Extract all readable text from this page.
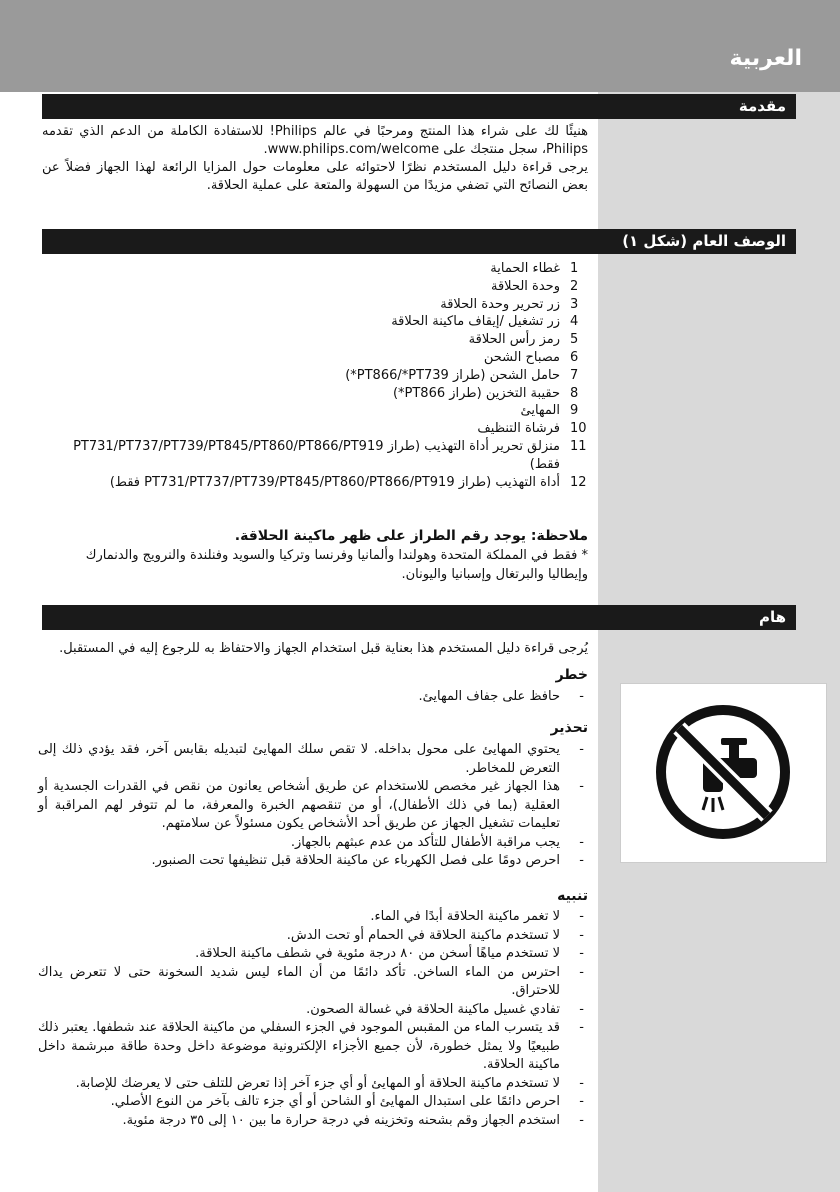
العربية
مقدمة

هنيئًا لك على شراء هذا المنتج ومرحبًا في عالم Philips! للاستفادة الكاملة من الدعم الذي تقدمه Philips، سجل منتجك على www.philips.com/welcome.

يرجى قراءة دليل المستخدم نظرًا لاحتوائه على معلومات حول المزايا الرائعة لهذا الجهاز فضلاً عن بعض النصائح التي تضفي مزيدًا من السهولة والمتعة على عملية الحلاقة.

الوصف العام (شكل ١)
1
غطاء الحماية
2
وحدة الحلاقة
3
زر تحرير وحدة الحلاقة
4
زر تشغيل /إيقاف ماكينة الحلاقة
5
رمز رأس الحلاقة
6
مصباح الشحن
7
حامل الشحن (طراز PT866/*PT739*)
8
حقيبة التخزين (طراز PT866*)
9
المهايئ
10
فرشاة التنظيف
11
منزلق تحرير أداة التهذيب (طراز PT731/PT737/PT739/PT845/PT860/PT866/PT919 فقط)
12
أداة التهذيب (طراز PT731/PT737/PT739/PT845/PT860/PT866/PT919 فقط)
ملاحظة: يوجد رقم الطراز على ظهر ماكينة الحلاقة.
* فقط في المملكة المتحدة وهولندا وألمانيا وفرنسا وتركيا والسويد وفنلندة والنرويج والدنمارك وإيطاليا والبرتغال وإسبانيا واليونان.
هام
يُرجى قراءة دليل المستخدم هذا بعناية قبل استخدام الجهاز والاحتفاظ به للرجوع إليه في المستقبل.
خطر
- حافظ على جفاف المهايئ.
تحذير
- يحتوي المهايئ على محول بداخله. لا تقص سلك المهايئ لتبديله بقابس آخر، فقد يؤدي ذلك إلى التعرض للمخاطر.
- هذا الجهاز غير مخصص للاستخدام عن طريق أشخاص يعانون من نقص في القدرات الجسدية أو العقلية (بما في ذلك الأطفال)، أو من تنقصهم الخبرة والمعرفة، ما لم تتوفر لهم المراقبة أو تعليمات تشغيل الجهاز عن طريق أحد الأشخاص يكون مسئولاً عن سلامتهم.
- يجب مراقبة الأطفال للتأكد من عدم عبثهم بالجهاز.
- احرص دومًا على فصل الكهرباء عن ماكينة الحلاقة قبل تنظيفها تحت الصنبور.
تنبيه
- لا تغمر ماكينة الحلاقة أبدًا في الماء.
- لا تستخدم ماكينة الحلاقة في الحمام أو تحت الدش.
- لا تستخدم مياهًا أسخن من ٨٠ درجة مئوية في شطف ماكينة الحلاقة.
- احترس من الماء الساخن. تأكد دائمًا من أن الماء ليس شديد السخونة حتى لا تتعرض يداك للاحتراق.
- تفادي غسيل ماكينة الحلاقة في غسالة الصحون.
- قد يتسرب الماء من المقبس الموجود في الجزء السفلي من ماكينة الحلاقة عند شطفها. يعتبر ذلك طبيعيًا ولا يمثل خطورة، لأن جميع الأجزاء الإلكترونية موضوعة داخل وحدة طاقة مبرشمة داخل ماكينة الحلاقة.
- لا تستخدم ماكينة الحلاقة أو المهايئ أو أي جزء آخر إذا تعرض للتلف حتى لا يعرضك للإصابة.
- احرص دائمًا على استبدال المهايئ أو الشاحن أو أي جزء تالف بآخر من النوع الأصلي.
- استخدم الجهاز وقم بشحنه وتخزينه في درجة حرارة ما بين ١٠ إلى ٣٥ درجة مئوية.
